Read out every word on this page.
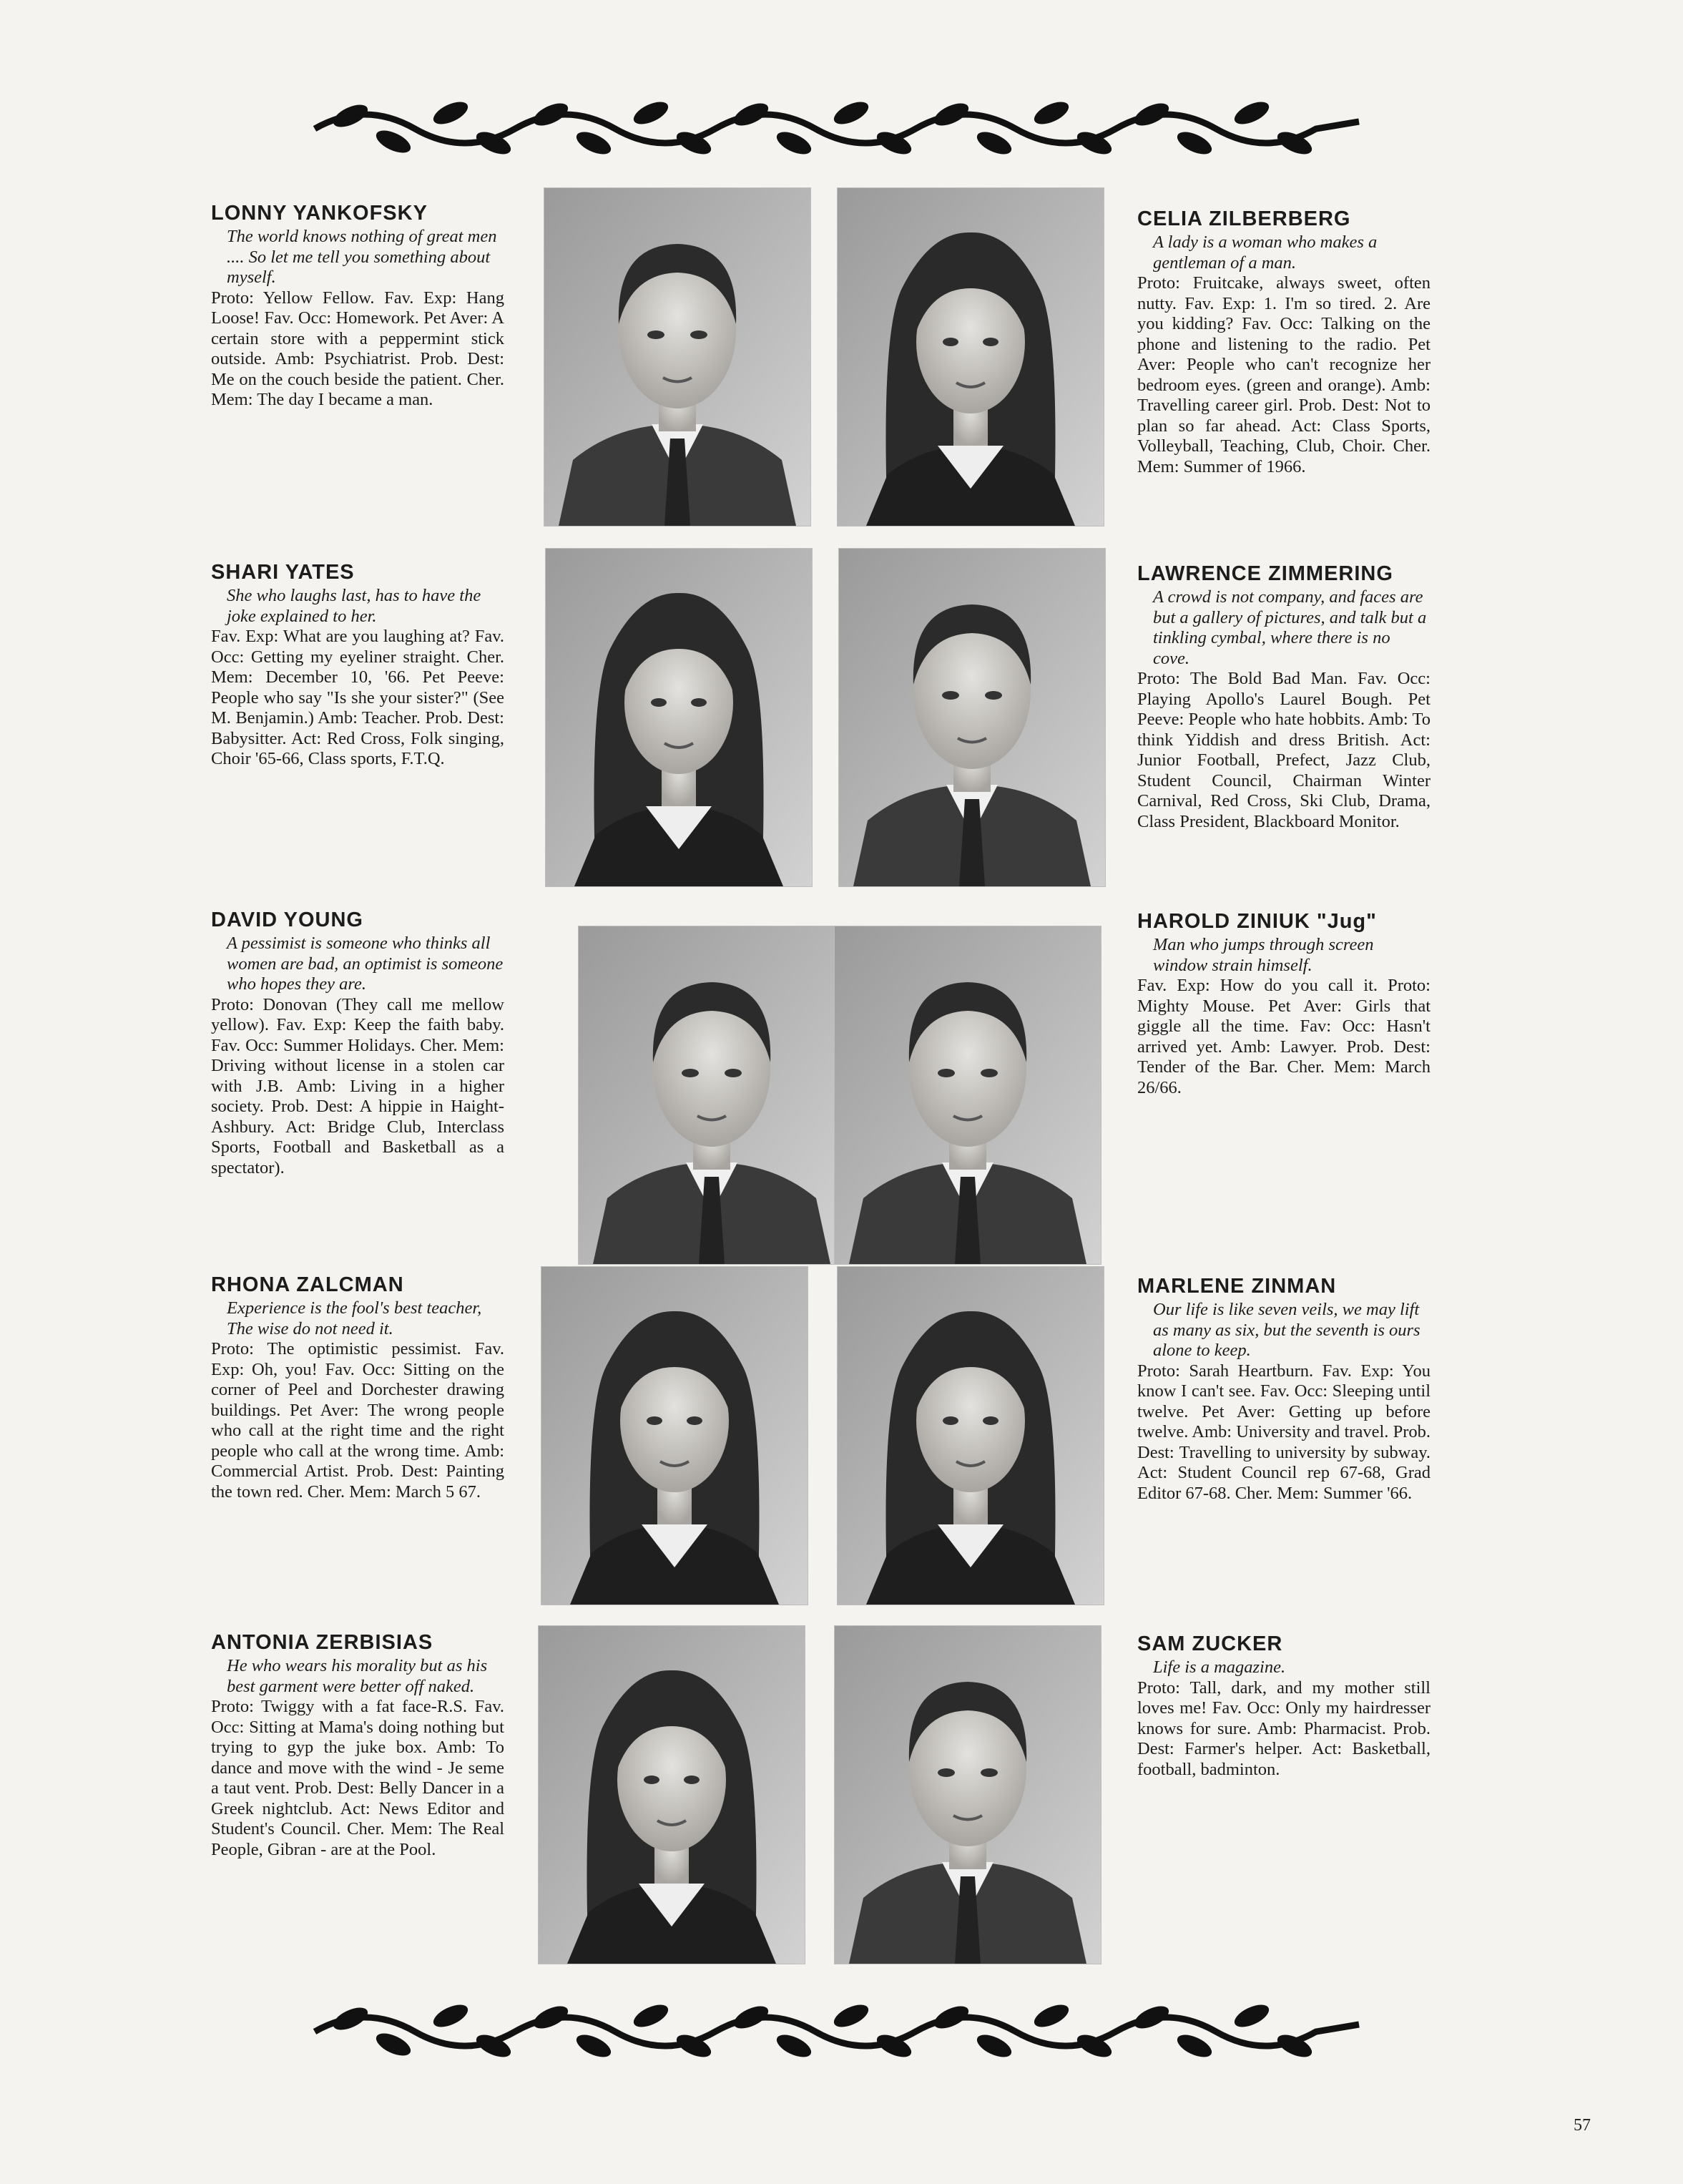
LONNY YANKOFSKY
The world knows nothing of great men .... So let me tell you something about myself.
Proto: Yellow Fellow. Fav. Exp: Hang Loose! Fav. Occ: Homework. Pet Aver: A certain store with a peppermint stick outside. Amb: Psychiatrist. Prob. Dest: Me on the couch beside the patient. Cher. Mem: The day I became a man.
CELIA ZILBERBERG
A lady is a woman who makes a gentleman of a man.
Proto: Fruitcake, always sweet, often nutty. Fav. Exp: 1. I'm so tired. 2. Are you kidding? Fav. Occ: Talking on the phone and listening to the radio. Pet Aver: People who can't recognize her bedroom eyes. (green and orange). Amb: Travelling career girl. Prob. Dest: Not to plan so far ahead. Act: Class Sports, Volleyball, Teaching, Club, Choir. Cher. Mem: Summer of 1966.
SHARI YATES
She who laughs last, has to have the joke explained to her.
Fav. Exp: What are you laughing at? Fav. Occ: Getting my eyeliner straight. Cher. Mem: December 10, '66. Pet Peeve: People who say "Is she your sister?" (See M. Benjamin.) Amb: Teacher. Prob. Dest: Babysitter. Act: Red Cross, Folk singing, Choir '65-66, Class sports, F.T.Q.
LAWRENCE ZIMMERING
A crowd is not company, and faces are but a gallery of pictures, and talk but a tinkling cymbal, where there is no cove.
Proto: The Bold Bad Man. Fav. Occ: Playing Apollo's Laurel Bough. Pet Peeve: People who hate hobbits. Amb: To think Yiddish and dress British. Act: Junior Football, Prefect, Jazz Club, Student Council, Chairman Winter Carnival, Red Cross, Ski Club, Drama, Class President, Blackboard Monitor.
DAVID YOUNG
A pessimist is someone who thinks all women are bad, an optimist is someone who hopes they are.
Proto: Donovan (They call me mellow yellow). Fav. Exp: Keep the faith baby. Fav. Occ: Summer Holidays. Cher. Mem: Driving without license in a stolen car with J.B. Amb: Living in a higher society. Prob. Dest: A hippie in Haight-Ashbury. Act: Bridge Club, Interclass Sports, Football and Basketball as a spectator).
HAROLD ZINIUK "Jug"
Man who jumps through screen window strain himself.
Fav. Exp: How do you call it. Proto: Mighty Mouse. Pet Aver: Girls that giggle all the time. Fav: Occ: Hasn't arrived yet. Amb: Lawyer. Prob. Dest: Tender of the Bar. Cher. Mem: March 26/66.
RHONA ZALCMAN
Experience is the fool's best teacher, The wise do not need it.
Proto: The optimistic pessimist. Fav. Exp: Oh, you! Fav. Occ: Sitting on the corner of Peel and Dorchester drawing buildings. Pet Aver: The wrong people who call at the right time and the right people who call at the wrong time. Amb: Commercial Artist. Prob. Dest: Painting the town red. Cher. Mem: March 5 67.
MARLENE ZINMAN
Our life is like seven veils, we may lift as many as six, but the seventh is ours alone to keep.
Proto: Sarah Heartburn. Fav. Exp: You know I can't see. Fav. Occ: Sleeping until twelve. Pet Aver: Getting up before twelve. Amb: University and travel. Prob. Dest: Travelling to university by subway. Act: Student Council rep 67-68, Grad Editor 67-68. Cher. Mem: Summer '66.
ANTONIA ZERBISIAS
He who wears his morality but as his best garment were better off naked.
Proto: Twiggy with a fat face-R.S. Fav. Occ: Sitting at Mama's doing nothing but trying to gyp the juke box. Amb: To dance and move with the wind - Je seme a taut vent. Prob. Dest: Belly Dancer in a Greek nightclub. Act: News Editor and Student's Council. Cher. Mem: The Real People, Gibran - are at the Pool.
SAM ZUCKER
Life is a magazine.
Proto: Tall, dark, and my mother still loves me! Fav. Occ: Only my hairdresser knows for sure. Amb: Pharmacist. Prob. Dest: Farmer's helper. Act: Basketball, football, badminton.
57
